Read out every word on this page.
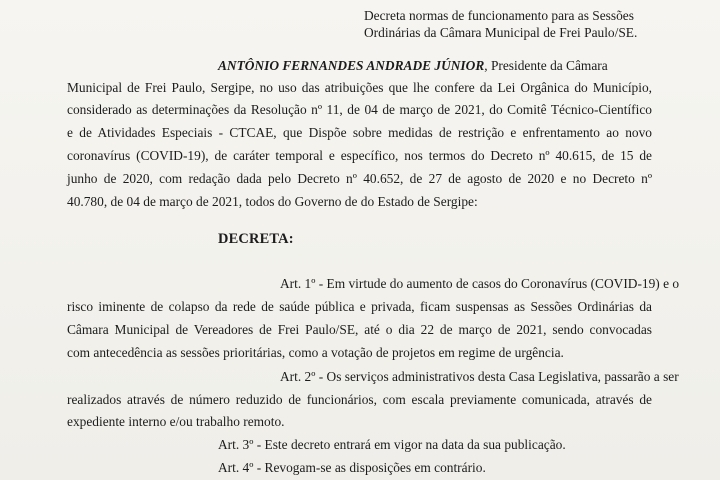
Decreta normas de funcionamento para as Sessões
Ordinárias da Câmara Municipal de Frei Paulo/SE.
ANTÔNIO FERNANDES ANDRADE JÚNIOR, Presidente da Câmara
Municipal de Frei Paulo, Sergipe, no uso das atribuições que lhe confere da Lei Orgânica do Município,
considerado as determinações da Resolução nº 11, de 04 de março de 2021, do Comitê Técnico-Científico
e de Atividades Especiais - CTCAE, que Dispõe sobre medidas de restrição e enfrentamento ao novo
coronavírus (COVID-19), de caráter temporal e específico, nos termos do Decreto nº 40.615, de 15 de
junho de 2020, com redação dada pelo Decreto nº 40.652, de 27 de agosto de 2020 e no Decreto nº
40.780, de 04 de março de 2021, todos do Governo de do Estado de Sergipe:
DECRETA:
Art. 1º - Em virtude do aumento de casos do Coronavírus (COVID-19) e o
risco iminente de colapso da rede de saúde pública e privada, ficam suspensas as Sessões Ordinárias da
Câmara Municipal de Vereadores de Frei Paulo/SE, até o dia 22 de março de 2021, sendo convocadas
com antecedência as sessões prioritárias, como a votação de projetos em regime de urgência.
Art. 2º - Os serviços administrativos desta Casa Legislativa, passarão a ser
realizados através de número reduzido de funcionários, com escala previamente comunicada, através de
expediente interno e/ou trabalho remoto.
Art. 3º - Este decreto entrará em vigor na data da sua publicação.
Art. 4º - Revogam-se as disposições em contrário.
